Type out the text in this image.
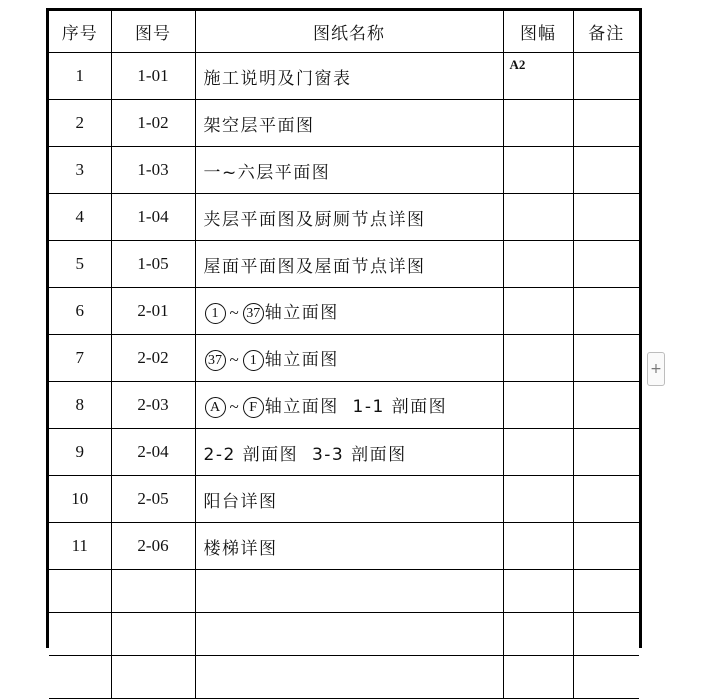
序号	图号	图纸名称	图幅	备注
1	1-01	施工说明及门窗表	A2	
2	1-02	架空层平面图		
3	1-03	一~六层平面图		
4	1-04	夹层平面图及厨厕节点详图		
5	1-05	屋面平面图及屋面节点详图		
6	2-01	1 ~ 37 轴立面图		
7	2-02	37 ~ 1 轴立面图		
8	2-03	A ~ F 轴立面图  1-1 剖面图		
9	2-04	2-2 剖面图  3-3 剖面图		
10	2-05	阳台详图		
11	2-06	楼梯详图		

+
